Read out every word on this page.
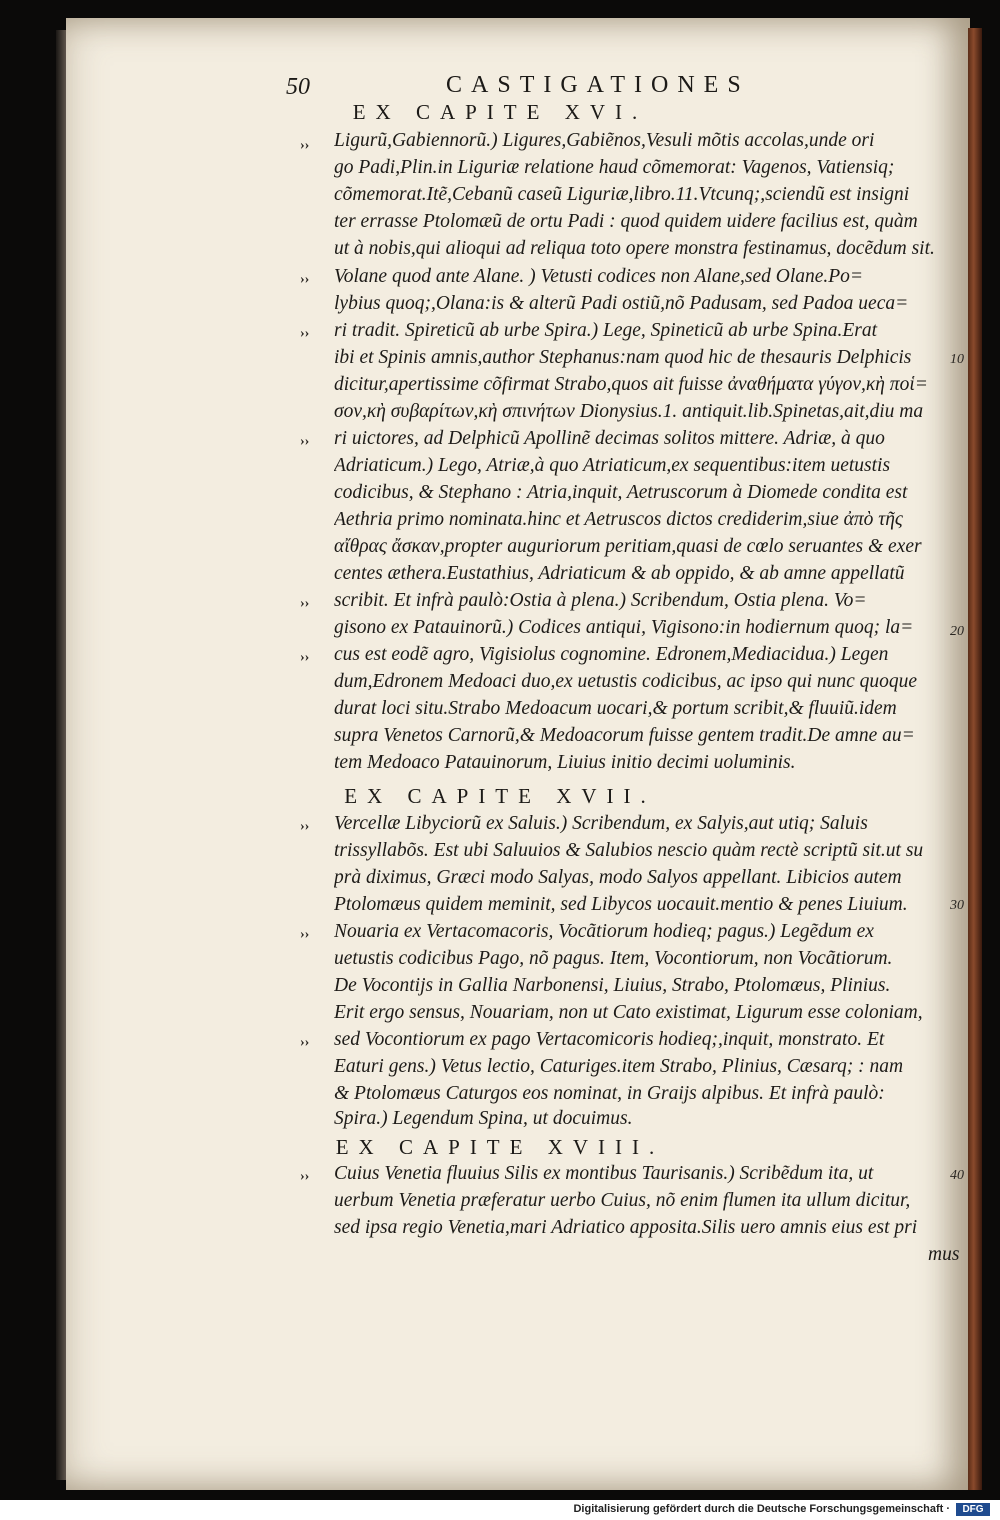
50	CASTIGATIONES
EX CAPITE XVI.
EX CAPITE XVII.
EX CAPITE XVIII.
Ligurũ,Gabiennorũ.) Ligures,Gabiẽnos,Vesuli mõtis accolas,unde ori
go Padi,Plin.in Liguriæ relatione haud cõmemorat: Vagenos, Vatiensiq;
cõmemorat.Itẽ,Cebanũ caseũ Liguriæ,libro.11.Vtcunq;,sciendũ est insigni
ter errasse Ptolomæũ de ortu Padi : quod quidem uidere facilius est, quàm
ut à nobis,qui alioqui ad reliqua toto opere monstra festinamus, docẽdum sit.
Volane quod ante Alane. ) Vetusti codices non Alane,sed Olane.Po=
lybius quoq;,Olana:is & alterũ Padi ostiũ,nõ Padusam, sed Padoa ueca=
ri tradit. Spireticũ ab urbe Spira.) Lege, Spineticũ ab urbe Spina.Erat
ibi et Spinis amnis,author Stephanus:nam quod hic de thesauris Delphicis
dicitur,apertissime cõfirmat Strabo,quos ait fuisse ἀναθήματα γύγον,κὴ ποἱ=
σον,κὴ συβαρίτων,κὴ σπινήτων Dionysius.1. antiquit.lib.Spinetas,ait,diu ma
ri uictores, ad Delphicũ Apollinẽ decimas solitos mittere. Adriæ, à quo
Adriaticum.) Lego, Atriæ,à quo Atriaticum,ex sequentibus:item uetustis
codicibus, & Stephano : Atria,inquit, Aetruscorum à Diomede condita est
Aethria primo nominata.hinc et Aetruscos dictos crediderim,siue ἀπὸ τῆς
αἴθρας ἄσκαν,propter auguriorum peritiam,quasi de cœlo seruantes & exer
centes æthera.Eustathius, Adriaticum & ab oppido, & ab amne appellatũ
scribit. Et infrà paulò:Ostia à plena.) Scribendum, Ostia plena. Vo=
gisono ex Patauinorũ.) Codices antiqui, Vigisono:in hodiernum quoq; la=
cus est eodẽ agro, Vigisiolus cognomine. Edronem,Mediacidua.) Legen
dum,Edronem Medoaci duo,ex uetustis codicibus, ac ipso qui nunc quoque
durat loci situ.Strabo Medoacum uocari,& portum scribit,& fluuiũ.idem
supra Venetos Carnorũ,& Medoacorum fuisse gentem tradit.De amne au=
tem Medoaco Patauinorum, Liuius initio decimi uoluminis.
Vercellæ Libyciorũ ex Saluis.) Scribendum, ex Salyis,aut utiq; Saluis
trissyllabõs. Est ubi Saluuios & Salubios nescio quàm rectè scriptũ sit.ut su
prà diximus, Græci modo Salyas, modo Salyos appellant. Libicios autem
Ptolomæus quidem meminit, sed Libycos uocauit.mentio & penes Liuium.
Nouaria ex Vertacomacoris, Vocãtiorum hodieq; pagus.) Legẽdum ex
uetustis codicibus Pago, nõ pagus. Item, Vocontiorum, non Vocãtiorum.
De Vocontijs in Gallia Narbonensi, Liuius, Strabo, Ptolomæus, Plinius.
Erit ergo sensus, Nouariam, non ut Cato existimat, Ligurum esse coloniam,
sed Vocontiorum ex pago Vertacomicoris hodieq;,inquit, monstrato. Et
Eaturi gens.) Vetus lectio, Caturiges.item Strabo, Plinius, Cæsarq; : nam
& Ptolomæus Caturgos eos nominat, in Graijs alpibus. Et infrà paulò:
Spira.) Legendum Spina, ut docuimus.
Cuius Venetia fluuius Silis ex montibus Taurisanis.) Scribẽdum ita, ut
uerbum Venetia præferatur uerbo Cuius, nõ enim flumen ita ullum dicitur,
sed ipsa regio Venetia,mari Adriatico apposita.Silis uero amnis eius est pri
mus
››
››
››
››
››
››
››
››
››
››
10
20
30
40
Digitalisierung gefördert durch die Deutsche Forschungsgemeinschaft ·	DFG
